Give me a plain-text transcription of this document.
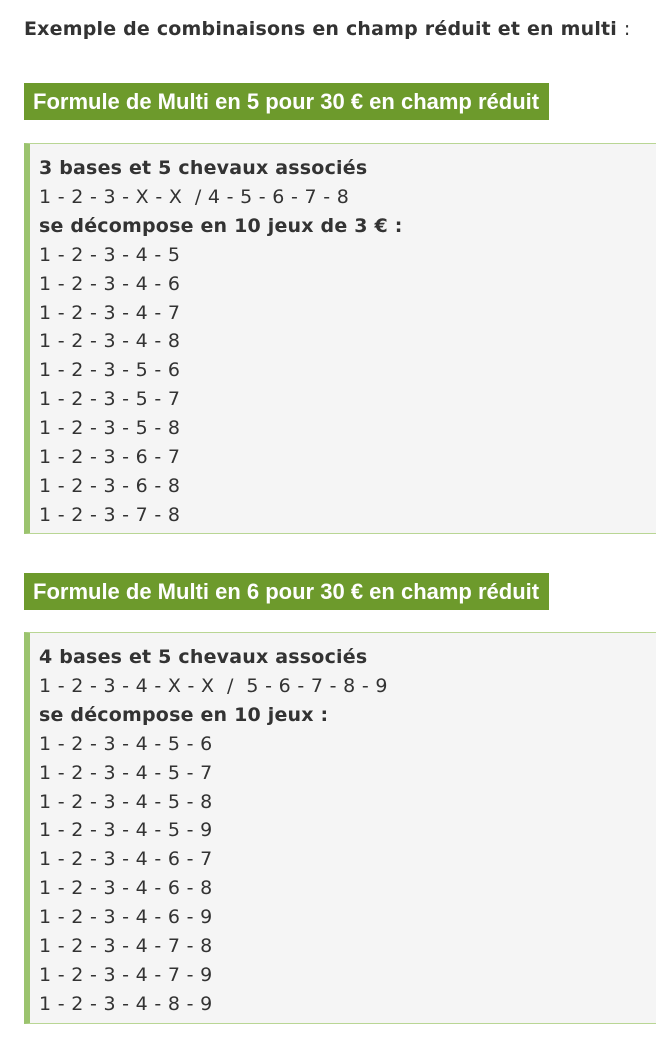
Exemple de combinaisons en champ réduit et en multi :
Formule de Multi en 5 pour 30 € en champ réduit
3 bases et 5 chevaux associés
1 - 2 - 3 - X - X  / 4 - 5 - 6 - 7 - 8
se décompose en 10 jeux de 3 € :
1 - 2 - 3 - 4 - 5
1 - 2 - 3 - 4 - 6
1 - 2 - 3 - 4 - 7
1 - 2 - 3 - 4 - 8
1 - 2 - 3 - 5 - 6
1 - 2 - 3 - 5 - 7
1 - 2 - 3 - 5 - 8
1 - 2 - 3 - 6 - 7
1 - 2 - 3 - 6 - 8
1 - 2 - 3 - 7 - 8
Formule de Multi en 6 pour 30 € en champ réduit
4 bases et 5 chevaux associés
1 - 2 - 3 - 4 - X - X  /  5 - 6 - 7 - 8 - 9
se décompose en 10 jeux :
1 - 2 - 3 - 4 - 5 - 6
1 - 2 - 3 - 4 - 5 - 7
1 - 2 - 3 - 4 - 5 - 8
1 - 2 - 3 - 4 - 5 - 9
1 - 2 - 3 - 4 - 6 - 7
1 - 2 - 3 - 4 - 6 - 8
1 - 2 - 3 - 4 - 6 - 9
1 - 2 - 3 - 4 - 7 - 8
1 - 2 - 3 - 4 - 7 - 9
1 - 2 - 3 - 4 - 8 - 9
